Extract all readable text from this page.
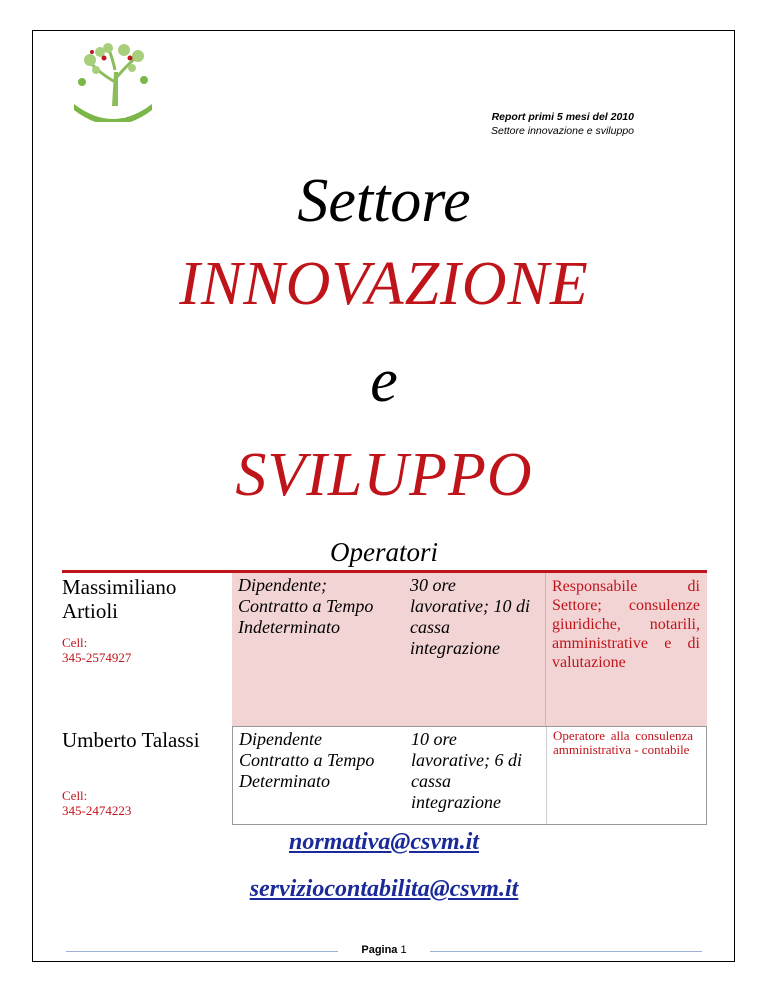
CSVM	Report primi 5 mesi del 2010
Settore innovazione e sviluppo
Settore
INNOVAZIONE
e
SVILUPPO
Operatori
Massimiliano Artioli
Cell:
345-2574927
Dipendente; Contratto a Tempo Indeterminato
30 ore lavorative; 10 di cassa integrazione
Responsabile di Settore; consulenze giuridiche, notarili, amministrative e di valutazione
Umberto Talassi
Cell:
345-2474223
Dipendente Contratto a Tempo Determinato
10 ore lavorative; 6 di cassa integrazione
Operatore alla consulenza amministrativa - contabile
normativa@csvm.it
serviziocontabilita@csvm.it
Pagina 1
